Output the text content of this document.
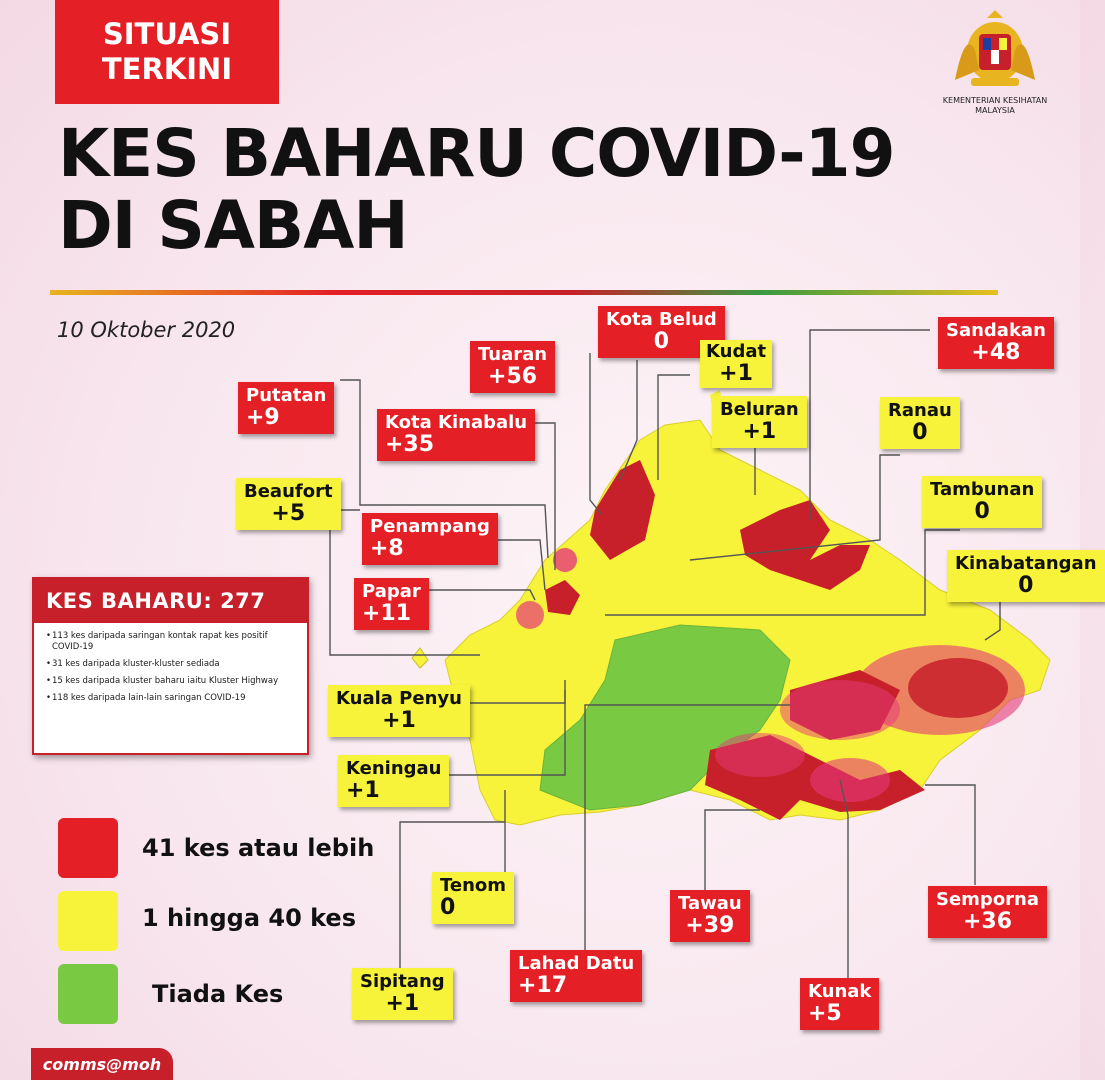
SITUASI
TERKINI
KES BAHARU COVID-19
DI SABAH
KEMENTERIAN KESIHATAN
MALAYSIA
10 Oktober 2020	Kota Belud
0
Tuaran
+56
Kudat
+1
Sandakan
+48
Putatan
+9	Kota Kinabalu
+35
Beluran
+1
Ranau
0
Beaufort
+5
Penampang
+8
Tambunan
0
Kinabatangan
0
Papar
+11
Kuala Penyu
+1
Keningau
+1
Tenom
0	Tawau
+39
Semporna
+36
Lahad Datu
+17
Sipitang
+1	Kunak
+5
KES BAHARU: 277
• 113 kes daripada saringan kontak rapat kes positif COVID-19
• 31 kes daripada kluster-kluster sediada
• 15 kes daripada kluster baharu iaitu Kluster Highway
• 118 kes daripada lain-lain saringan COVID-19
41 kes atau lebih
1 hingga 40 kes
Tiada Kes
comms@moh
